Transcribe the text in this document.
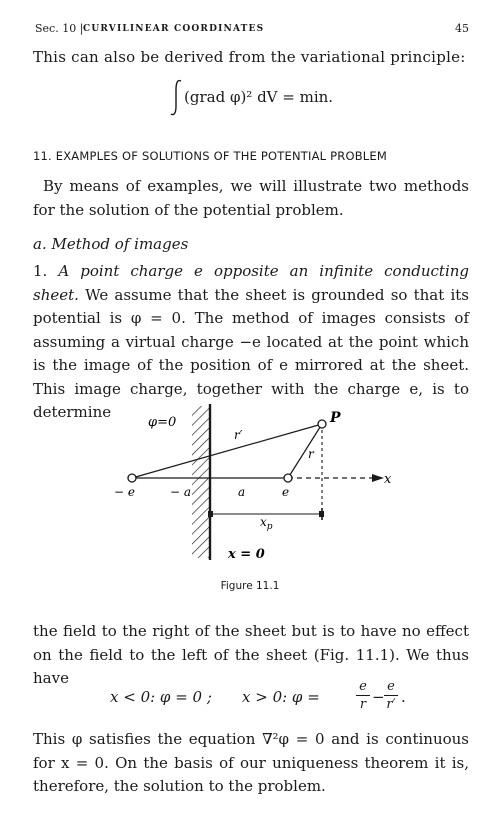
Sec. 10 | CURVILINEAR COORDINATES	45
This can also be derived from the variational principle:
(grad φ)² dV = min.
11. EXAMPLES OF SOLUTIONS OF THE POTENTIAL PROBLEM
By means of examples, we will illustrate two methods for the solution of the potential problem.
a. Method of images
1. A point charge e opposite an infinite conducting sheet. We assume that the sheet is grounded so that its potential is φ = 0. The method of images consists of assuming a virtual charge −e located at the point which is the image of the position of e mirrored at the sheet. This image charge, together with the charge e, is to determine
φ=0
r′
r
P
x
− e	− a	a	e
$x_p$
x = 0
Figure 11.1
the field to the right of the sheet but is to have no effect on the field to the left of the sheet (Fig. 11.1). We thus have
x < 0: φ = 0 ; x > 0: φ =
e
r −
e
r′ .
This φ satisfies the equation ∇²φ = 0 and is continuous for x = 0. On the basis of our uniqueness theorem it is, therefore, the solution to the problem.
